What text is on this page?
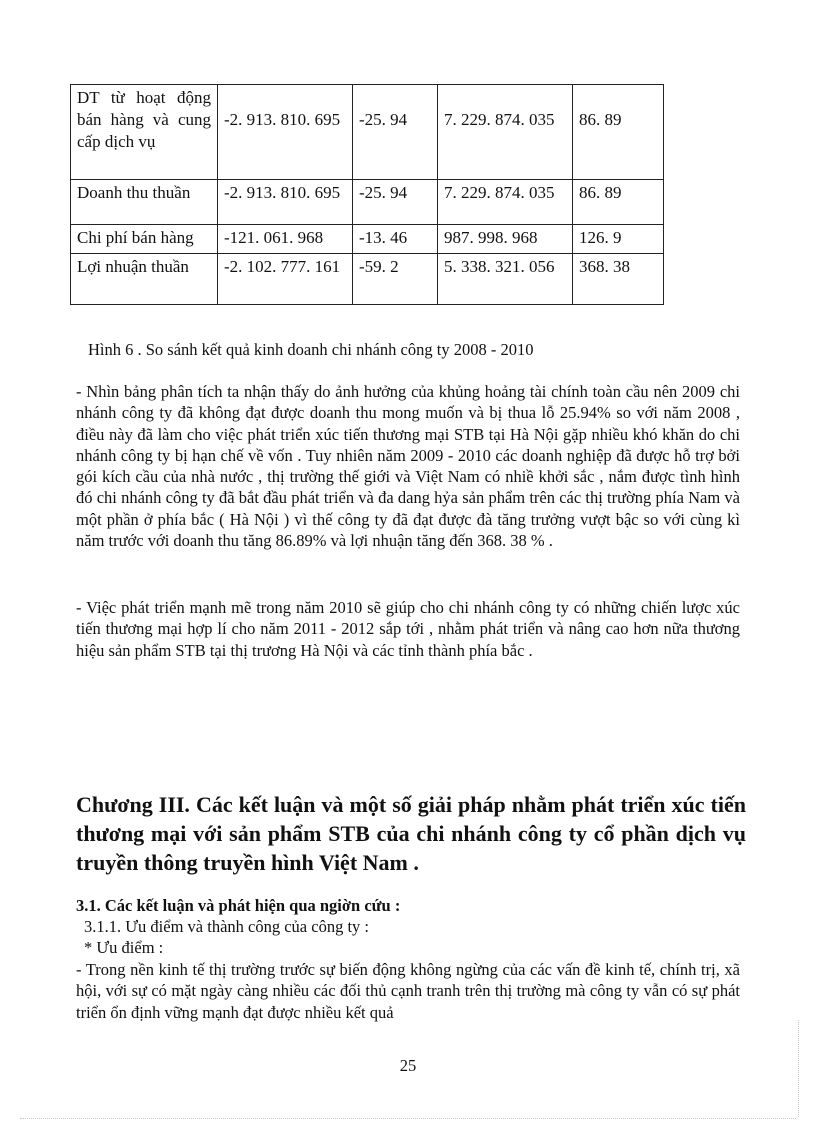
DT từ hoạt động bán hàng và cung cấp dịch vụ	-2. 913. 810. 695	-25. 94	7. 229. 874. 035	86. 89
Doanh thu thuần	-2. 913. 810. 695	-25. 94	7. 229. 874. 035	86. 89
Chi phí bán hàng	-121. 061. 968	-13. 46	987. 998. 968	126. 9
Lợi nhuận thuần	-2. 102. 777. 161	-59. 2	5. 338. 321. 056	368. 38
Hình 6 . So sánh kết quả kinh doanh chi nhánh công ty 2008 - 2010

- Nhìn bảng phân tích ta nhận thấy do ảnh hưởng của khủng hoảng tài chính toàn cầu nên 2009 chi nhánh công ty đã không đạt được doanh thu mong muốn và bị thua lỗ 25.94% so với năm 2008 , điều này đã làm cho việc phát triển xúc tiến thương mại STB tại Hà Nội gặp nhiều khó khăn do chi nhánh công ty bị hạn chế về vốn . Tuy nhiên năm 2009 - 2010 các doanh nghiệp đã được hỗ trợ bởi gói kích cầu của nhà nước , thị trường thế giới và Việt Nam có nhiề khởi sắc , nắm được tình hình đó chi nhánh công ty đã bắt đầu phát triển và đa dang hỷa sản phẩm trên các thị trường phía Nam và một phần ở phía bắc ( Hà Nội ) vì thế công ty đã đạt được đà tăng trưởng vượt bậc so với cùng kì năm trước với doanh thu tăng 86.89% và lợi nhuận tăng đến 368. 38 % .

- Việc phát triển mạnh mẽ trong năm 2010 sẽ giúp cho chi nhánh công ty có những chiến lược xúc tiến thương mại hợp lí cho năm 2011 - 2012 sắp tới , nhằm phát triển và nâng cao hơn nữa thương hiệu sản phẩm STB tại thị trương Hà Nội và các tỉnh thành phía bắc .

Chương III. Các kết luận và một số giải pháp nhằm phát triển xúc tiến thương mại với sản phẩm STB của chi nhánh công ty cổ phần dịch vụ truyền thông truyền hình Việt Nam .
3.1. Các kết luận và phát hiện qua ngiờn cứu :
3.1.1. Ưu điểm và thành công của công ty :
* Ưu điểm :

- Trong nền kinh tế thị trường trước sự biến động không ngừng của các vấn đề kinh tế, chính trị, xã hội, với sự có mặt ngày càng nhiều các đối thủ cạnh tranh trên thị trường mà công ty vẫn có sự phát triển ổn định vững mạnh đạt được nhiều kết quả

25
